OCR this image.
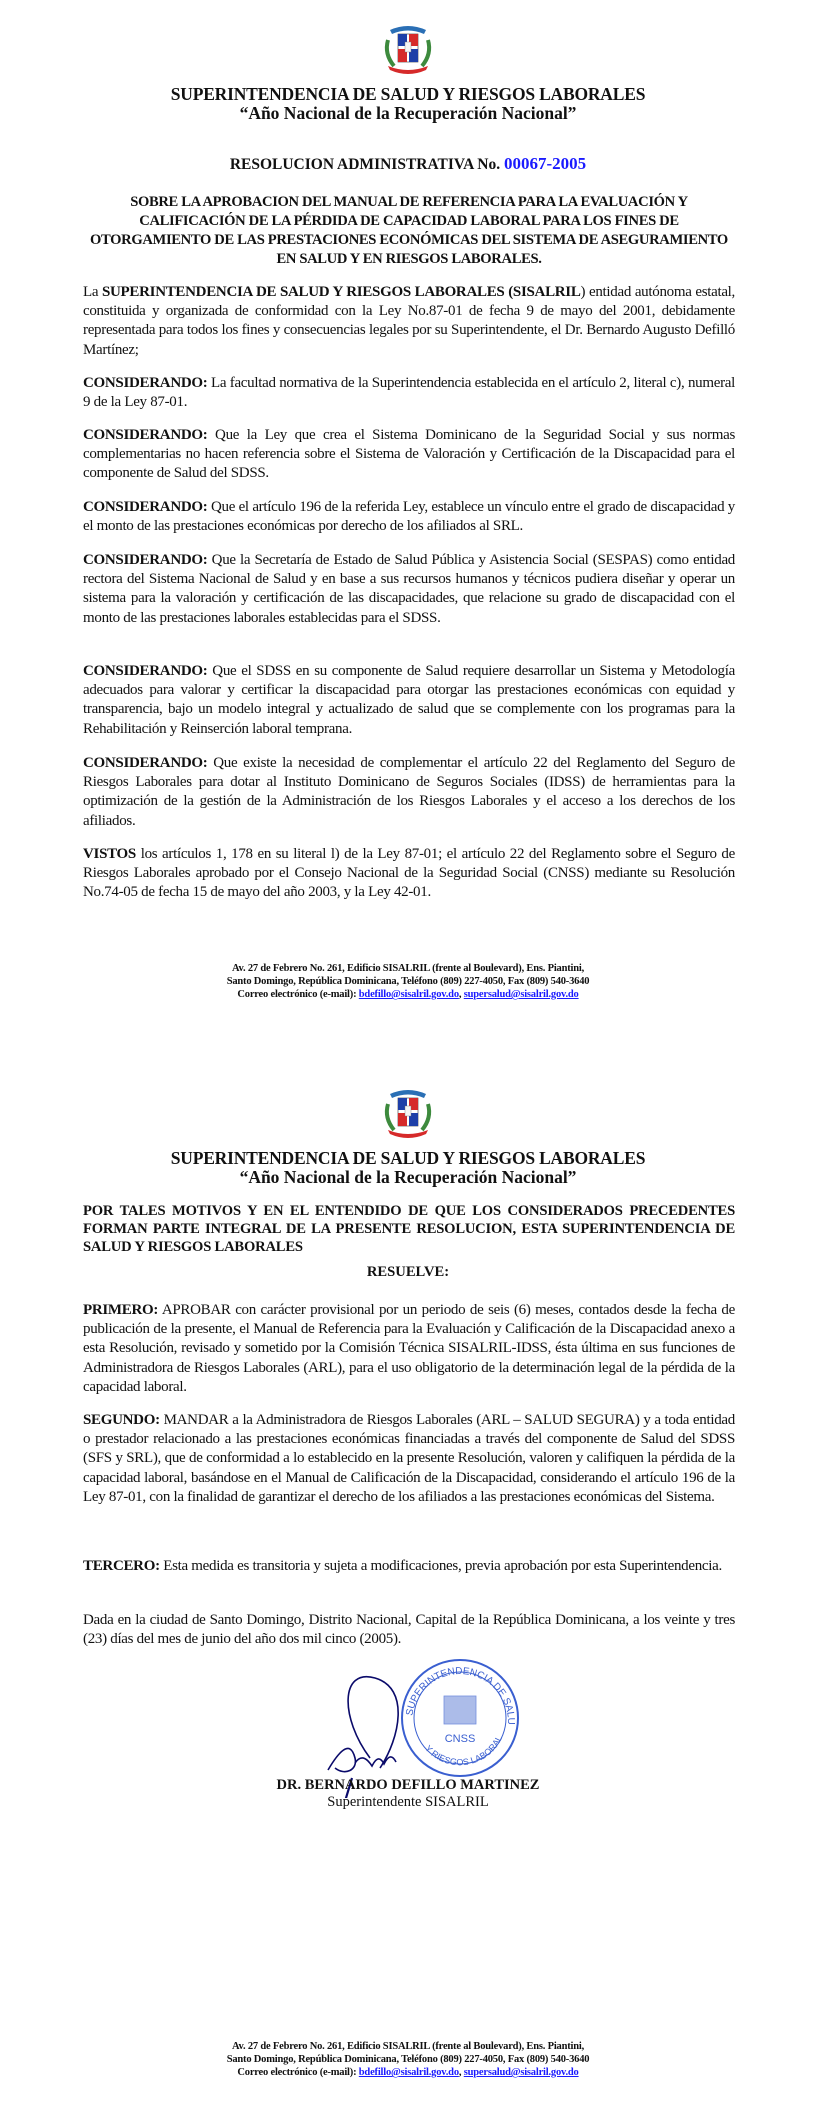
SUPERINTENDENCIA DE SALUD Y RIESGOS LABORALES
“Año Nacional de la Recuperación Nacional”
RESOLUCION ADMINISTRATIVA No. 00067-2005
SOBRE LA APROBACION DEL MANUAL DE REFERENCIA PARA LA EVALUACIÓN Y CALIFICACIÓN DE LA PÉRDIDA DE CAPACIDAD LABORAL PARA LOS FINES DE OTORGAMIENTO DE LAS PRESTACIONES ECONÓMICAS DEL SISTEMA DE ASEGURAMIENTO EN SALUD Y EN RIESGOS LABORALES.
La SUPERINTENDENCIA DE SALUD Y RIESGOS LABORALES (SISALRIL) entidad autónoma estatal, constituida y organizada de conformidad con la Ley No.87-01 de fecha 9 de mayo del 2001, debidamente representada para todos los fines y consecuencias legales por su Superintendente, el Dr. Bernardo Augusto Defilló Martínez;
CONSIDERANDO: La facultad normativa de la Superintendencia establecida en el artículo 2, literal c), numeral 9 de la Ley 87-01.
CONSIDERANDO: Que la Ley que crea el Sistema Dominicano de la Seguridad Social y sus normas complementarias no hacen referencia sobre el Sistema de Valoración y Certificación de la Discapacidad para el componente de Salud del SDSS.
CONSIDERANDO: Que el artículo 196 de la referida Ley, establece un vínculo entre el grado de discapacidad y el monto de las prestaciones económicas por derecho de los afiliados al SRL.
CONSIDERANDO: Que la Secretaría de Estado de Salud Pública y Asistencia Social (SESPAS) como entidad rectora del Sistema Nacional de Salud y en base a sus recursos humanos y técnicos pudiera diseñar y operar un sistema para la valoración y certificación de las discapacidades, que relacione su grado de discapacidad con el monto de las prestaciones laborales establecidas para el SDSS.
CONSIDERANDO: Que el SDSS en su componente de Salud requiere desarrollar un Sistema y Metodología adecuados para valorar y certificar la discapacidad para otorgar las prestaciones económicas con equidad y transparencia, bajo un modelo integral y actualizado de salud que se complemente con los programas para la Rehabilitación y Reinserción laboral temprana.
CONSIDERANDO: Que existe la necesidad de complementar el artículo 22 del Reglamento del Seguro de Riesgos Laborales para dotar al Instituto Dominicano de Seguros Sociales (IDSS) de herramientas para la optimización de la gestión de la Administración de los Riesgos Laborales y el acceso a los derechos de los afiliados.
VISTOS los artículos 1, 178 en su literal l) de la Ley 87-01; el artículo 22 del Reglamento sobre el Seguro de Riesgos Laborales aprobado por el Consejo Nacional de la Seguridad Social (CNSS) mediante su Resolución No.74-05 de fecha 15 de mayo del año 2003, y la Ley 42-01.
Av. 27 de Febrero No. 261, Edificio SISALRIL (frente al Boulevard), Ens. Piantini,
Santo Domingo, República Dominicana, Teléfono (809) 227-4050, Fax (809) 540-3640
Correo electrónico (e-mail): bdefillo@sisalril.gov.do, supersalud@sisalril.gov.do
SUPERINTENDENCIA DE SALUD Y RIESGOS LABORALES
“Año Nacional de la Recuperación Nacional”
POR TALES MOTIVOS Y EN EL ENTENDIDO DE QUE LOS CONSIDERADOS PRECEDENTES FORMAN PARTE INTEGRAL DE LA PRESENTE RESOLUCION, ESTA SUPERINTENDENCIA DE SALUD Y RIESGOS LABORALES
RESUELVE:
PRIMERO: APROBAR con carácter provisional por un periodo de seis (6) meses, contados desde la fecha de publicación de la presente, el Manual de Referencia para la Evaluación y Calificación de la Discapacidad anexo a esta Resolución, revisado y sometido por la Comisión Técnica SISALRIL-IDSS, ésta última en sus funciones de Administradora de Riesgos Laborales (ARL), para el uso obligatorio de la determinación legal de la pérdida de la capacidad laboral.
SEGUNDO: MANDAR a la Administradora de Riesgos Laborales (ARL – SALUD SEGURA) y a toda entidad o prestador relacionado a las prestaciones económicas financiadas a través del componente de Salud del SDSS (SFS y SRL), que de conformidad a lo establecido en la presente Resolución, valoren y califiquen la pérdida de la capacidad laboral, basándose en el Manual de Calificación de la Discapacidad, considerando el artículo 196 de la Ley 87-01, con la finalidad de garantizar el derecho de los afiliados a las prestaciones económicas del Sistema.
TERCERO: Esta medida es transitoria y sujeta a modificaciones, previa aprobación por esta Superintendencia.
Dada en la ciudad de Santo Domingo, Distrito Nacional, Capital de la República Dominicana, a los veinte y tres (23) días del mes de junio del año dos mil cinco (2005).
SUPERINTENDENCIA DE SALU
Y RIESGOS LABORAL
CNSS
DR. BERNARDO DEFILLO MARTINEZ
Superintendente SISALRIL
Av. 27 de Febrero No. 261, Edificio SISALRIL (frente al Boulevard), Ens. Piantini,
Santo Domingo, República Dominicana, Teléfono (809) 227-4050, Fax (809) 540-3640
Correo electrónico (e-mail): bdefillo@sisalril.gov.do, supersalud@sisalril.gov.do
